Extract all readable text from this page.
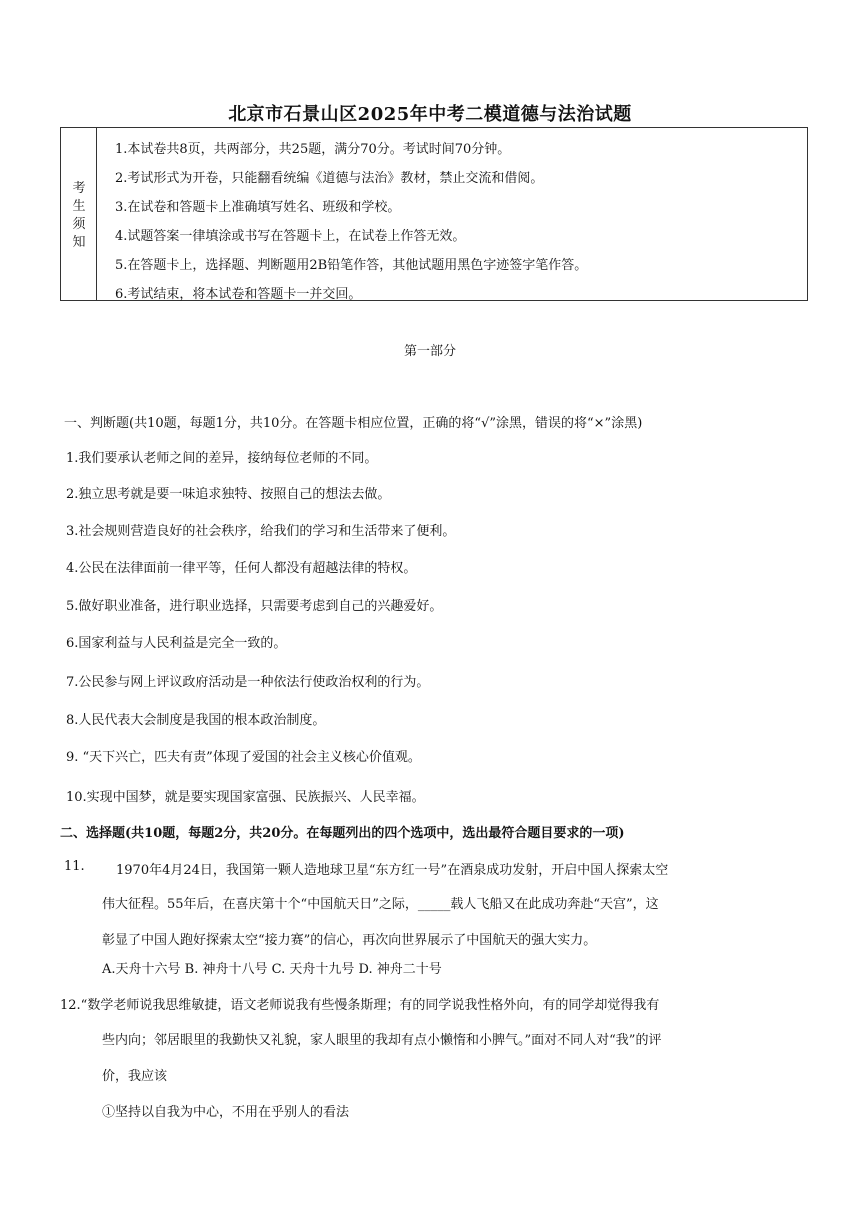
北京市石景山区2025年中考二模道德与法治试题
考生须知
1.本试卷共8页，共两部分，共25题，满分70分。考试时间70分钟。
2.考试形式为开卷，只能翻看统编《道德与法治》教材，禁止交流和借阅。
3.在试卷和答题卡上准确填写姓名、班级和学校。
4.试题答案一律填涂或书写在答题卡上，在试卷上作答无效。
5.在答题卡上，选择题、判断题用2B铅笔作答，其他试题用黑色字迹签字笔作答。
6.考试结束，将本试卷和答题卡一并交回。
第一部分
一、判断题(共10题，每题1分，共10分。在答题卡相应位置，正确的将“√”涂黑，错误的将“×”涂黑)
1.我们要承认老师之间的差异，接纳每位老师的不同。
2.独立思考就是要一味追求独特、按照自己的想法去做。
3.社会规则营造良好的社会秩序，给我们的学习和生活带来了便利。
4.公民在法律面前一律平等，任何人都没有超越法律的特权。
5.做好职业准备，进行职业选择，只需要考虑到自己的兴趣爱好。
6.国家利益与人民利益是完全一致的。
7.公民参与网上评议政府活动是一种依法行使政治权利的行为。
8.人民代表大会制度是我国的根本政治制度。
9. “天下兴亡，匹夫有责”体现了爱国的社会主义核心价值观。
10.实现中国梦，就是要实现国家富强、民族振兴、人民幸福。
二、选择题(共10题，每题2分，共20分。在每题列出的四个选项中，选出最符合题目要求的一项)
11. 1970年4月24日，我国第一颗人造地球卫星“东方红一号”在酒泉成功发射，开启中国人探索太空
伟大征程。55年后，在喜庆第十个“中国航天日”之际，_____载人飞船又在此成功奔赴“天宫”，这
彰显了中国人跑好探索太空“接力赛”的信心，再次向世界展示了中国航天的强大实力。
A.天舟十六号 B. 神舟十八号 C. 天舟十九号 D. 神舟二十号
12.“数学老师说我思维敏捷，语文老师说我有些慢条斯理；有的同学说我性格外向，有的同学却觉得我有
些内向；邻居眼里的我勤快又礼貌，家人眼里的我却有点小懒惰和小脾气。”面对不同人对“我”的评
价，我应该
①坚持以自我为中心，不用在乎别人的看法
